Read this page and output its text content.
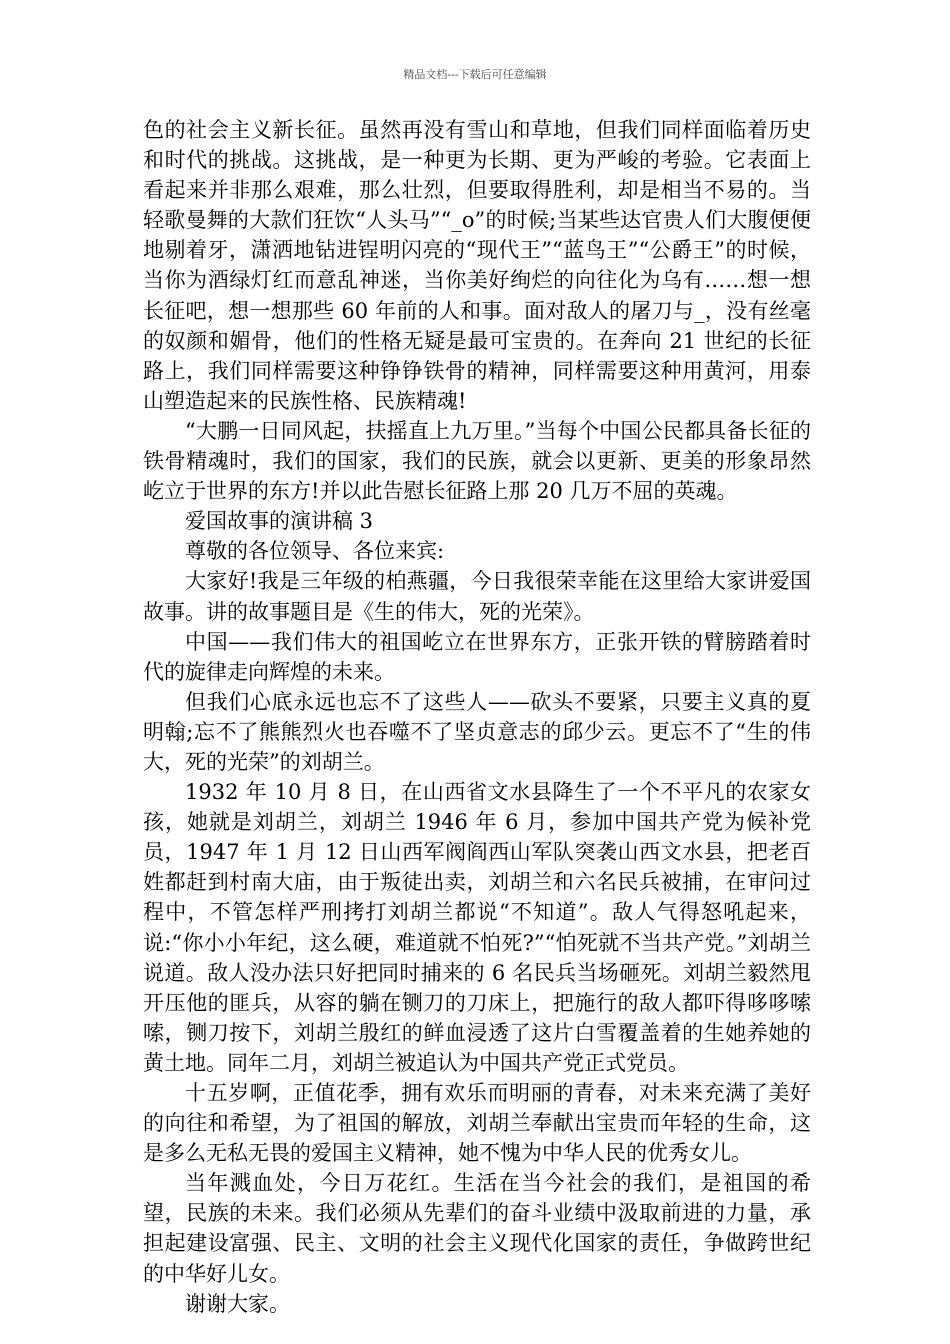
精品文档---下载后可任意编辑

色的社会主义新长征。虽然再没有雪山和草地，但我们同样面临着历史和时代的挑战。这挑战，是一种更为长期、更为严峻的考验。它表面上看起来并非那么艰难，那么壮烈，但要取得胜利，却是相当不易的。当轻歌曼舞的大款们狂饮“人头马”“_o”的时候;当某些达官贵人们大腹便便地剔着牙，潇洒地钻进锃明闪亮的“现代王”“蓝鸟王”“公爵王”的时候，当你为酒绿灯红而意乱神迷，当你美好绚烂的向往化为乌有……想一想长征吧，想一想那些 60 年前的人和事。面对敌人的屠刀与_，没有丝毫的奴颜和媚骨，他们的性格无疑是最可宝贵的。在奔向 21 世纪的长征路上，我们同样需要这种铮铮铁骨的精神，同样需要这种用黄河，用泰山塑造起来的民族性格、民族精魂!

“大鹏一日同风起，扶摇直上九万里。”当每个中国公民都具备长征的铁骨精魂时，我们的国家，我们的民族，就会以更新、更美的形象昂然屹立于世界的东方!并以此告慰长征路上那 20 几万不屈的英魂。

爱国故事的演讲稿 3

尊敬的各位领导、各位来宾:

大家好!我是三年级的柏燕疆，今日我很荣幸能在这里给大家讲爱国故事。讲的故事题目是《生的伟大，死的光荣》。

中国——我们伟大的祖国屹立在世界东方，正张开铁的臂膀踏着时代的旋律走向辉煌的未来。

但我们心底永远也忘不了这些人——砍头不要紧，只要主义真的夏明翰;忘不了熊熊烈火也吞噬不了坚贞意志的邱少云。更忘不了“生的伟大，死的光荣”的刘胡兰。

1932 年 10 月 8 日，在山西省文水县降生了一个不平凡的农家女孩，她就是刘胡兰，刘胡兰 1946 年 6 月，参加中国共产党为候补党员，1947 年 1 月 12 日山西军阀阎西山军队突袭山西文水县，把老百姓都赶到村南大庙，由于叛徒出卖，刘胡兰和六名民兵被捕，在审问过程中，不管怎样严刑拷打刘胡兰都说“不知道”。敌人气得怒吼起来，说:“你小小年纪，这么硬，难道就不怕死?”“怕死就不当共产党。”刘胡兰说道。敌人没办法只好把同时捕来的 6 名民兵当场砸死。刘胡兰毅然甩开压他的匪兵，从容的躺在铡刀的刀床上，把施行的敌人都吓得哆哆嗦嗦，铡刀按下，刘胡兰殷红的鲜血浸透了这片白雪覆盖着的生她养她的黄土地。同年二月，刘胡兰被追认为中国共产党正式党员。

十五岁啊，正值花季，拥有欢乐而明丽的青春，对未来充满了美好的向往和希望，为了祖国的解放，刘胡兰奉献出宝贵而年轻的生命，这是多么无私无畏的爱国主义精神，她不愧为中华人民的优秀女儿。

当年溅血处，今日万花红。生活在当今社会的我们，是祖国的希望，民族的未来。我们必须从先辈们的奋斗业绩中汲取前进的力量，承担起建设富强、民主、文明的社会主义现代化国家的责任，争做跨世纪的中华好儿女。

谢谢大家。
